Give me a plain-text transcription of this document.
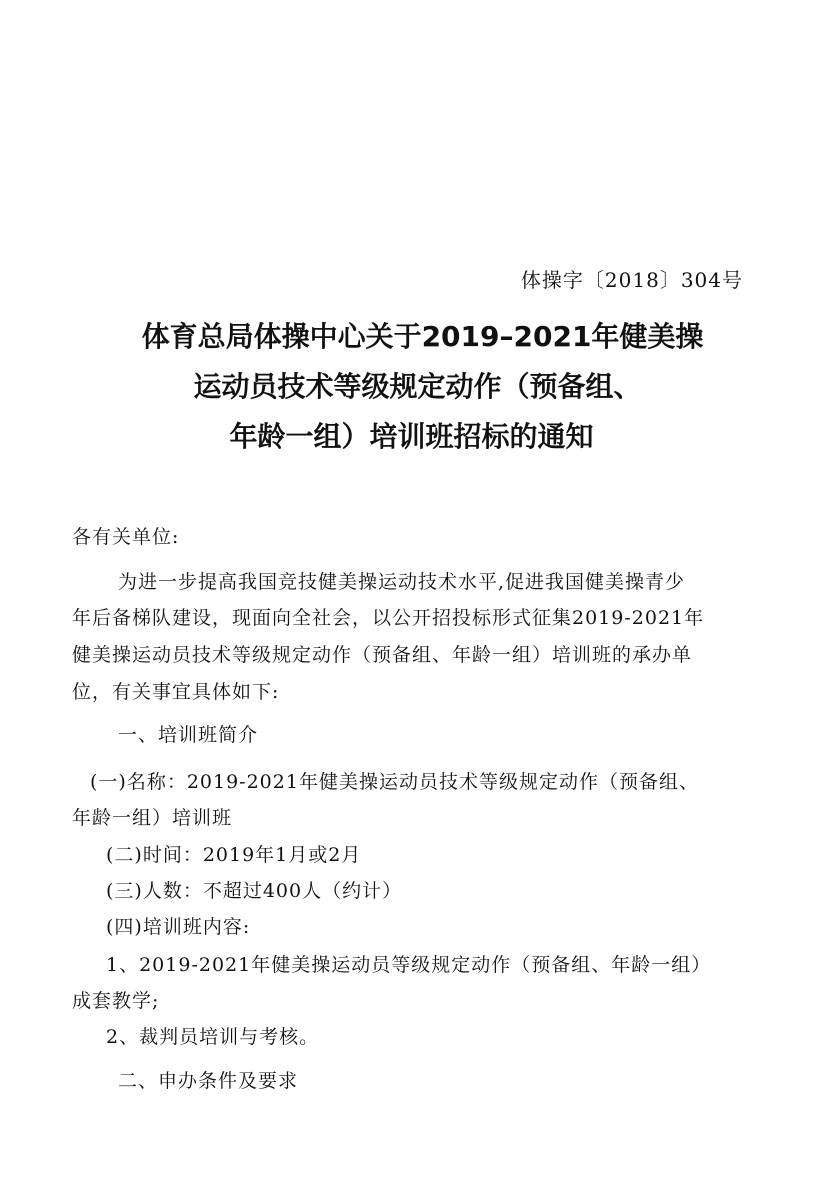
体操字〔2018〕304号
体育总局体操中心关于2019–2021年健美操
运动员技术等级规定动作（预备组、
年龄一组）培训班招标的通知
各有关单位:
为进一步提高我国竞技健美操运动技术水平,促进我国健美操青少
年后备梯队建设，现面向全社会，以公开招投标形式征集2019-2021年
健美操运动员技术等级规定动作（预备组、年龄一组）培训班的承办单
位，有关事宜具体如下:
一、培训班简介
(一)名称：2019-2021年健美操运动员技术等级规定动作（预备组、
年龄一组）培训班
(二)时间：2019年1月或2月
(三)人数：不超过400人（约计）
(四)培训班内容:
1、2019-2021年健美操运动员等级规定动作（预备组、年龄一组）
成套教学;
2、裁判员培训与考核。
二、申办条件及要求
